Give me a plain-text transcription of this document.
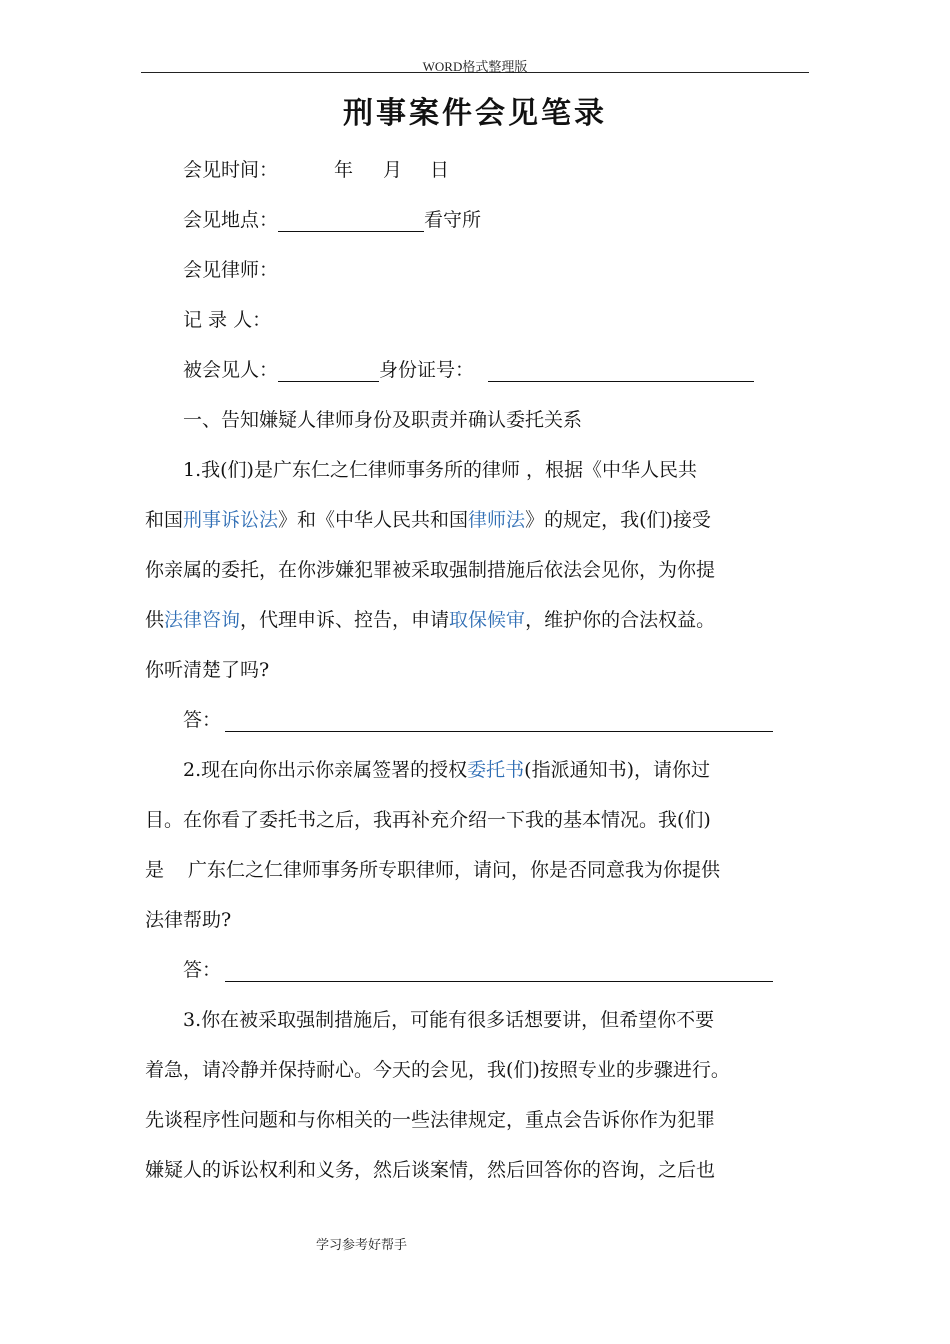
WORD格式整理版
刑事案件会见笔录
会见时间：	年 月 日
会见地点：	看守所
会见律师：
记 录 人：
被会见人：	身份证号：
一、告知嫌疑人律师身份及职责并确认委托关系
1.我(们)是广东仁之仁律师事务所的律师 ，根据《中华人民共
和国刑事诉讼法》和《中华人民共和国律师法》的规定，我(们)接受
你亲属的委托，在你涉嫌犯罪被采取强制措施后依法会见你，为你提
供法律咨询，代理申诉、控告，申请取保候审，维护你的合法权益。
你听清楚了吗?
答：
2.现在向你出示你亲属签署的授权委托书(指派通知书)，请你过
目。在你看了委托书之后，我再补充介绍一下我的基本情况。我(们)
是 广东仁之仁律师事务所专职律师，请问，你是否同意我为你提供
法律帮助?
答：
3.你在被采取强制措施后，可能有很多话想要讲，但希望你不要
着急，请冷静并保持耐心。今天的会见，我(们)按照专业的步骤进行。
先谈程序性问题和与你相关的一些法律规定，重点会告诉你作为犯罪
嫌疑人的诉讼权利和义务，然后谈案情，然后回答你的咨询，之后也
学习参考好帮手
